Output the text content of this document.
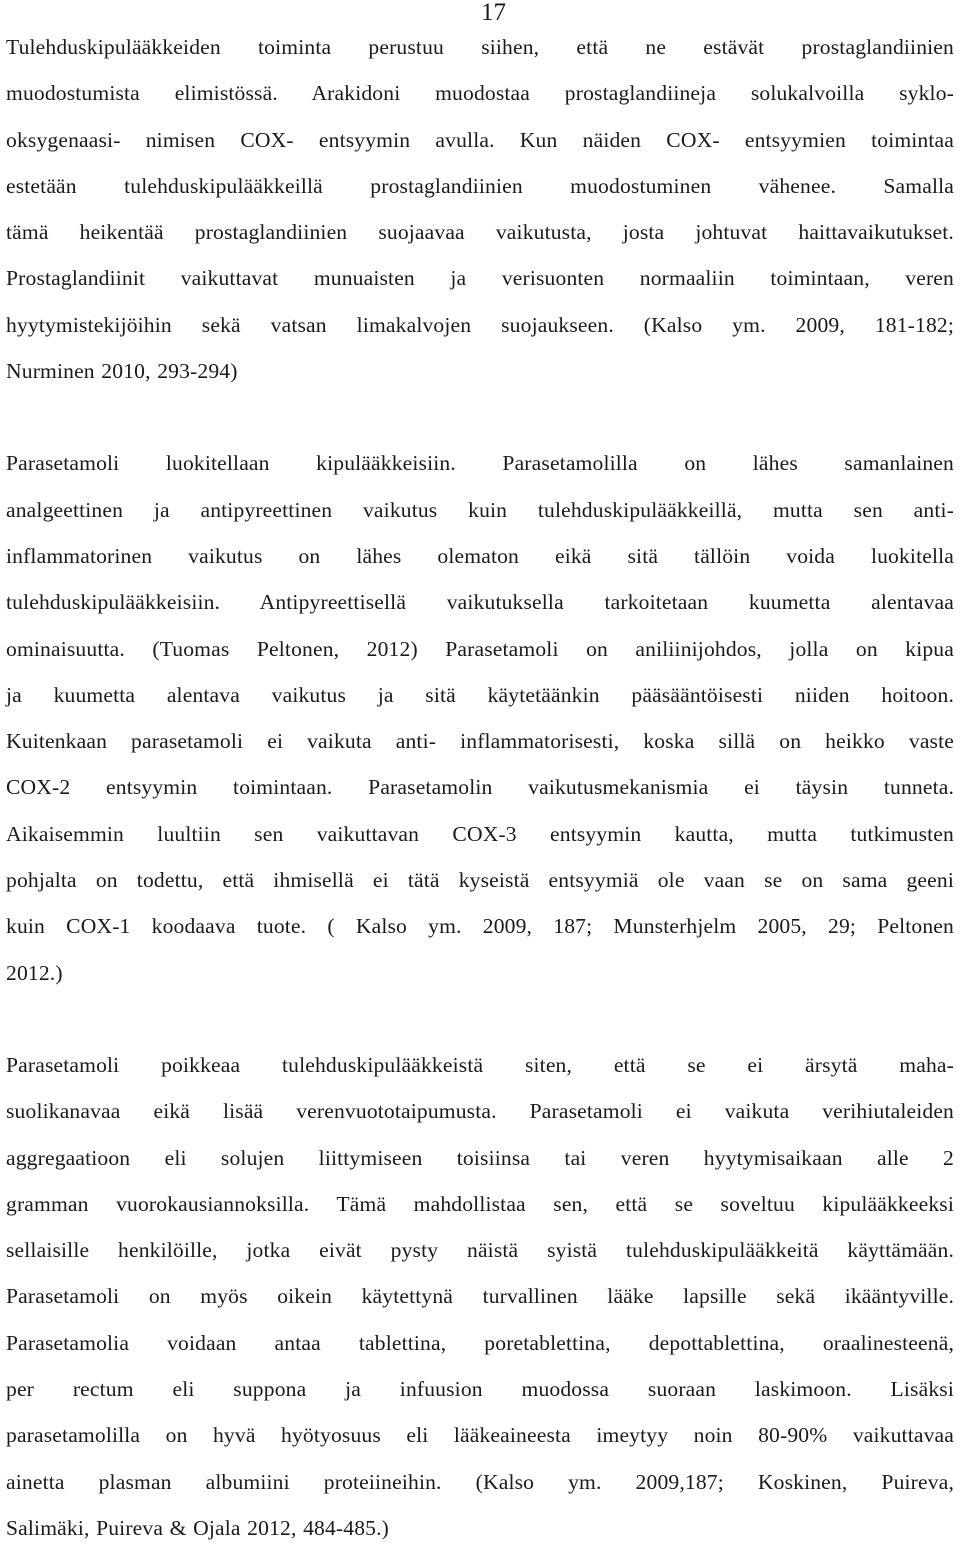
17

Tulehduskipulääkkeiden toiminta perustuu siihen, että ne estävät prostaglandiinien
muodostumista elimistössä. Arakidoni muodostaa prostaglandiineja solukalvoilla syklo-
oksygenaasi- nimisen COX- entsyymin avulla. Kun näiden COX- entsyymien toimintaa
estetään tulehduskipulääkkeillä prostaglandiinien muodostuminen vähenee. Samalla
tämä heikentää prostaglandiinien suojaavaa vaikutusta, josta johtuvat haittavaikutukset.
Prostaglandiinit vaikuttavat munuaisten ja verisuonten normaaliin toimintaan, veren
hyytymistekijöihin sekä vatsan limakalvojen suojaukseen. (Kalso ym. 2009, 181-182;
Nurminen 2010, 293-294)

Parasetamoli luokitellaan kipulääkkeisiin. Parasetamolilla on lähes samanlainen
analgeettinen ja antipyreettinen vaikutus kuin tulehduskipulääkkeillä, mutta sen anti-
inflammatorinen vaikutus on lähes olematon eikä sitä tällöin voida luokitella
tulehduskipulääkkeisiin. Antipyreettisellä vaikutuksella tarkoitetaan kuumetta alentavaa
ominaisuutta. (Tuomas Peltonen, 2012) Parasetamoli on aniliinijohdos, jolla on kipua
ja kuumetta alentava vaikutus ja sitä käytetäänkin pääsääntöisesti niiden hoitoon.
Kuitenkaan parasetamoli ei vaikuta anti- inflammatorisesti, koska sillä on heikko vaste
COX-2 entsyymin toimintaan. Parasetamolin vaikutusmekanismia ei täysin tunneta.
Aikaisemmin luultiin sen vaikuttavan COX-3 entsyymin kautta, mutta tutkimusten
pohjalta on todettu, että ihmisellä ei tätä kyseistä entsyymiä ole vaan se on sama geeni
kuin COX-1 koodaava tuote. ( Kalso ym. 2009, 187; Munsterhjelm 2005, 29; Peltonen
2012.)

Parasetamoli poikkeaa tulehduskipulääkkeistä siten, että se ei ärsytä maha-
suolikanavaa eikä lisää verenvuototaipumusta. Parasetamoli ei vaikuta verihiutaleiden
aggregaatioon eli solujen liittymiseen toisiinsa tai veren hyytymisaikaan alle 2
gramman vuorokausiannoksilla. Tämä mahdollistaa sen, että se soveltuu kipulääkkeeksi
sellaisille henkilöille, jotka eivät pysty näistä syistä tulehduskipulääkkeitä käyttämään.
Parasetamoli on myös oikein käytettynä turvallinen lääke lapsille sekä ikääntyville.
Parasetamolia voidaan antaa tablettina, poretablettina, depottablettina, oraalinesteenä,
per rectum eli suppona ja infuusion muodossa suoraan laskimoon. Lisäksi
parasetamolilla on hyvä hyötyosuus eli lääkeaineesta imeytyy noin 80-90% vaikuttavaa
ainetta plasman albumiini proteiineihin. (Kalso ym. 2009,187; Koskinen, Puireva,
Salimäki, Puireva & Ojala 2012, 484-485.)
